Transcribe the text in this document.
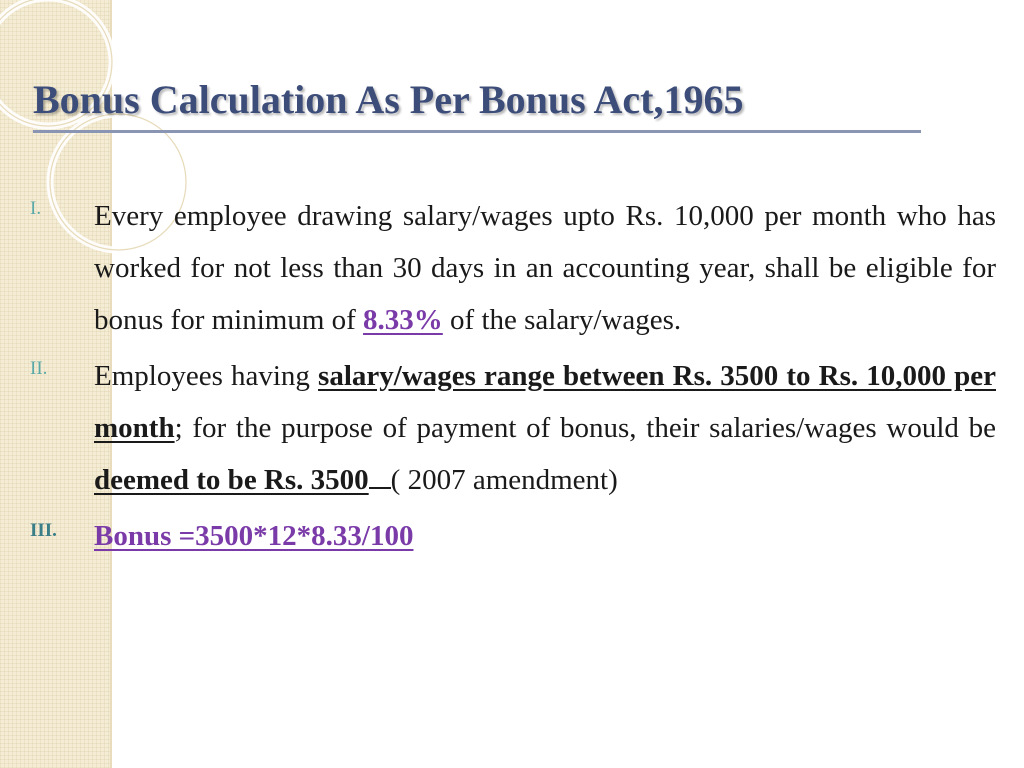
Bonus Calculation As Per Bonus Act,1965
I. Every employee drawing salary/wages upto Rs. 10,000 per month who has worked for not less than 30 days in an accounting year, shall be eligible for bonus for minimum of 8.33% of the salary/wages.
II. Employees having salary/wages range between Rs. 3500 to Rs. 10,000 per month; for the purpose of payment of bonus, their salaries/wages would be deemed to be Rs. 3500 ( 2007 amendment)
III. Bonus =3500*12*8.33/100
